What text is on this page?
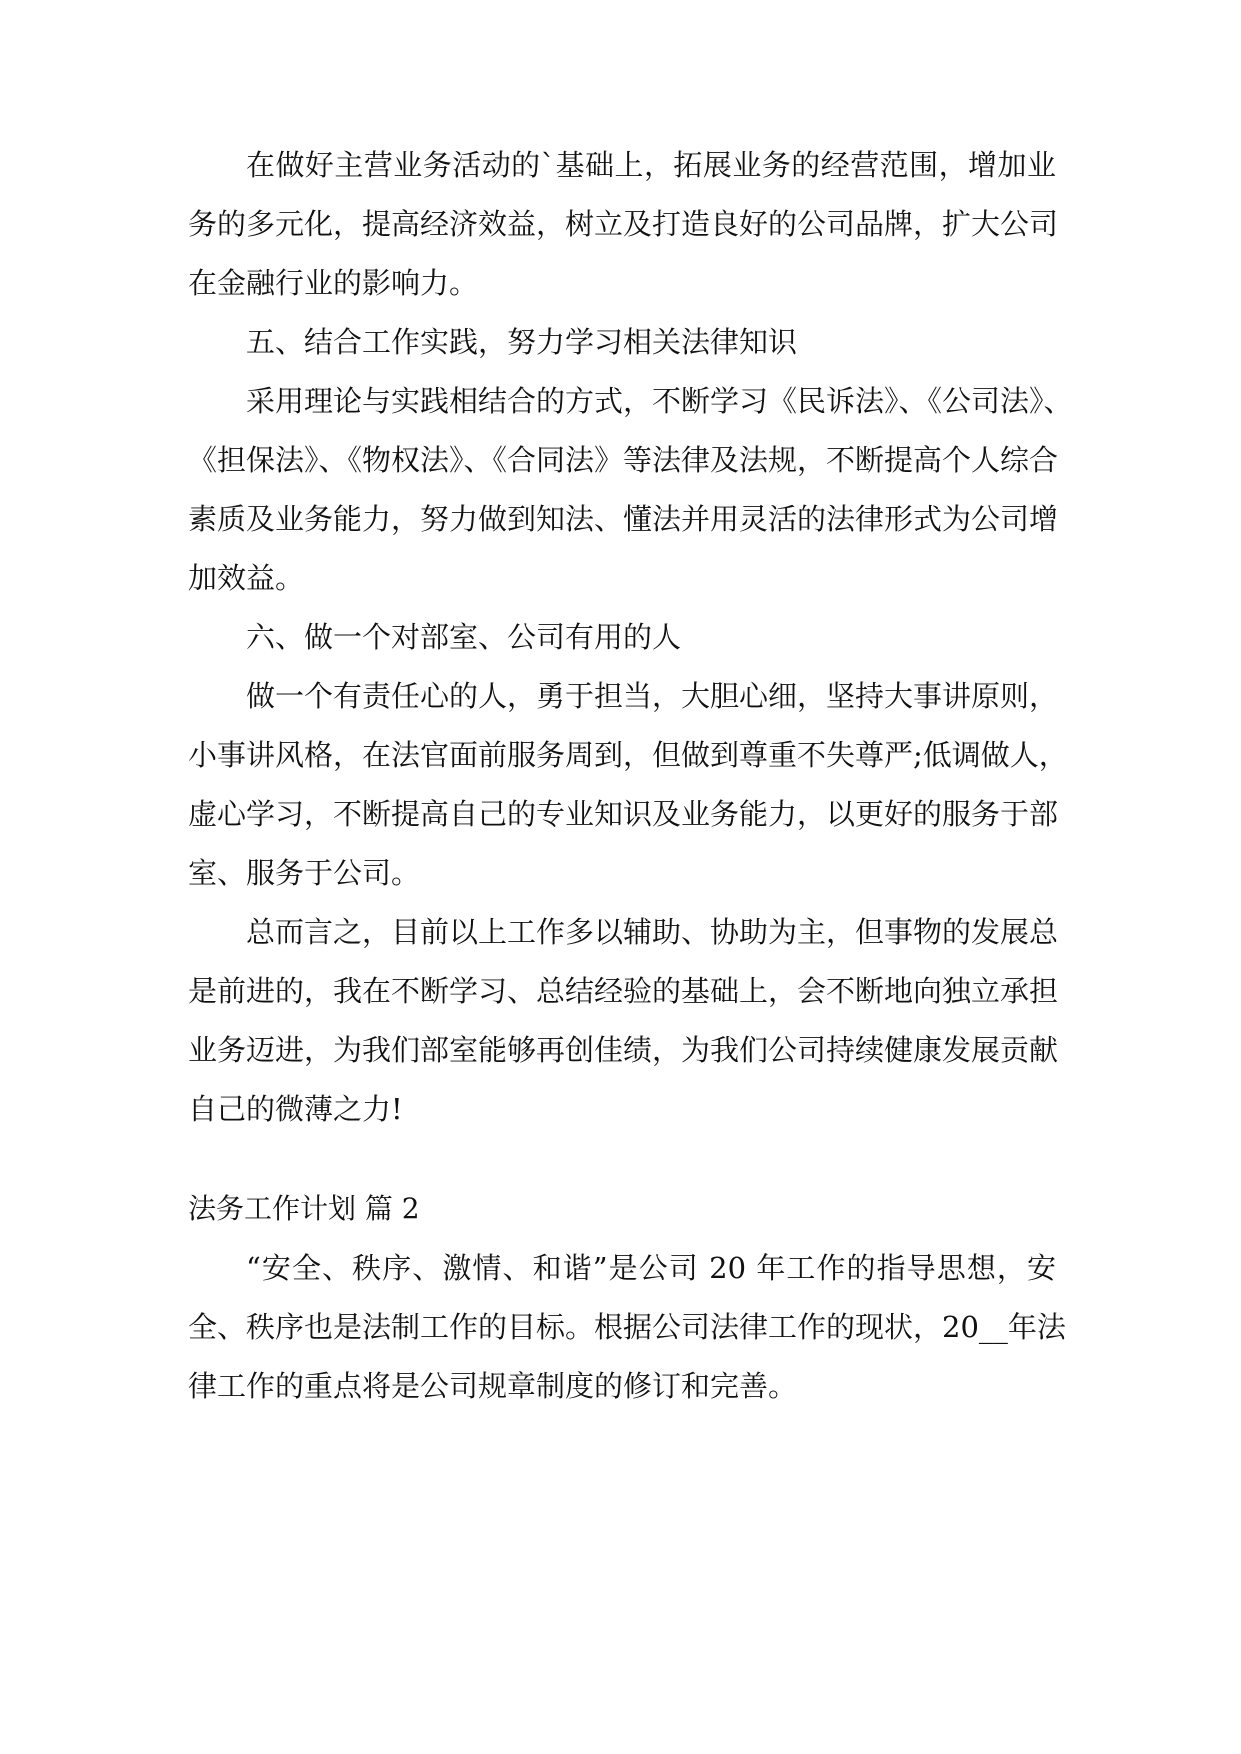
在做好主营业务活动的`基础上，拓展业务的经营范围，增加业
务的多元化，提高经济效益，树立及打造良好的公司品牌，扩大公司
在金融行业的影响力。
五、结合工作实践，努力学习相关法律知识
采用理论与实践相结合的方式，不断学习《民诉法》、《公司法》、
《担保法》、《物权法》、《合同法》等法律及法规，不断提高个人综合
素质及业务能力，努力做到知法、懂法并用灵活的法律形式为公司增
加效益。
六、做一个对部室、公司有用的人
做一个有责任心的人，勇于担当，大胆心细，坚持大事讲原则，
小事讲风格，在法官面前服务周到，但做到尊重不失尊严;低调做人，
虚心学习，不断提高自己的专业知识及业务能力，以更好的服务于部
室、服务于公司。
总而言之，目前以上工作多以辅助、协助为主，但事物的发展总
是前进的，我在不断学习、总结经验的基础上，会不断地向独立承担
业务迈进，为我们部室能够再创佳绩，为我们公司持续健康发展贡献
自己的微薄之力!
法务工作计划 篇 2
“安全、秩序、激情、和谐”是公司 20 年工作的指导思想，安
全、秩序也是法制工作的目标。根据公司法律工作的现状，20__年法
律工作的重点将是公司规章制度的修订和完善。
